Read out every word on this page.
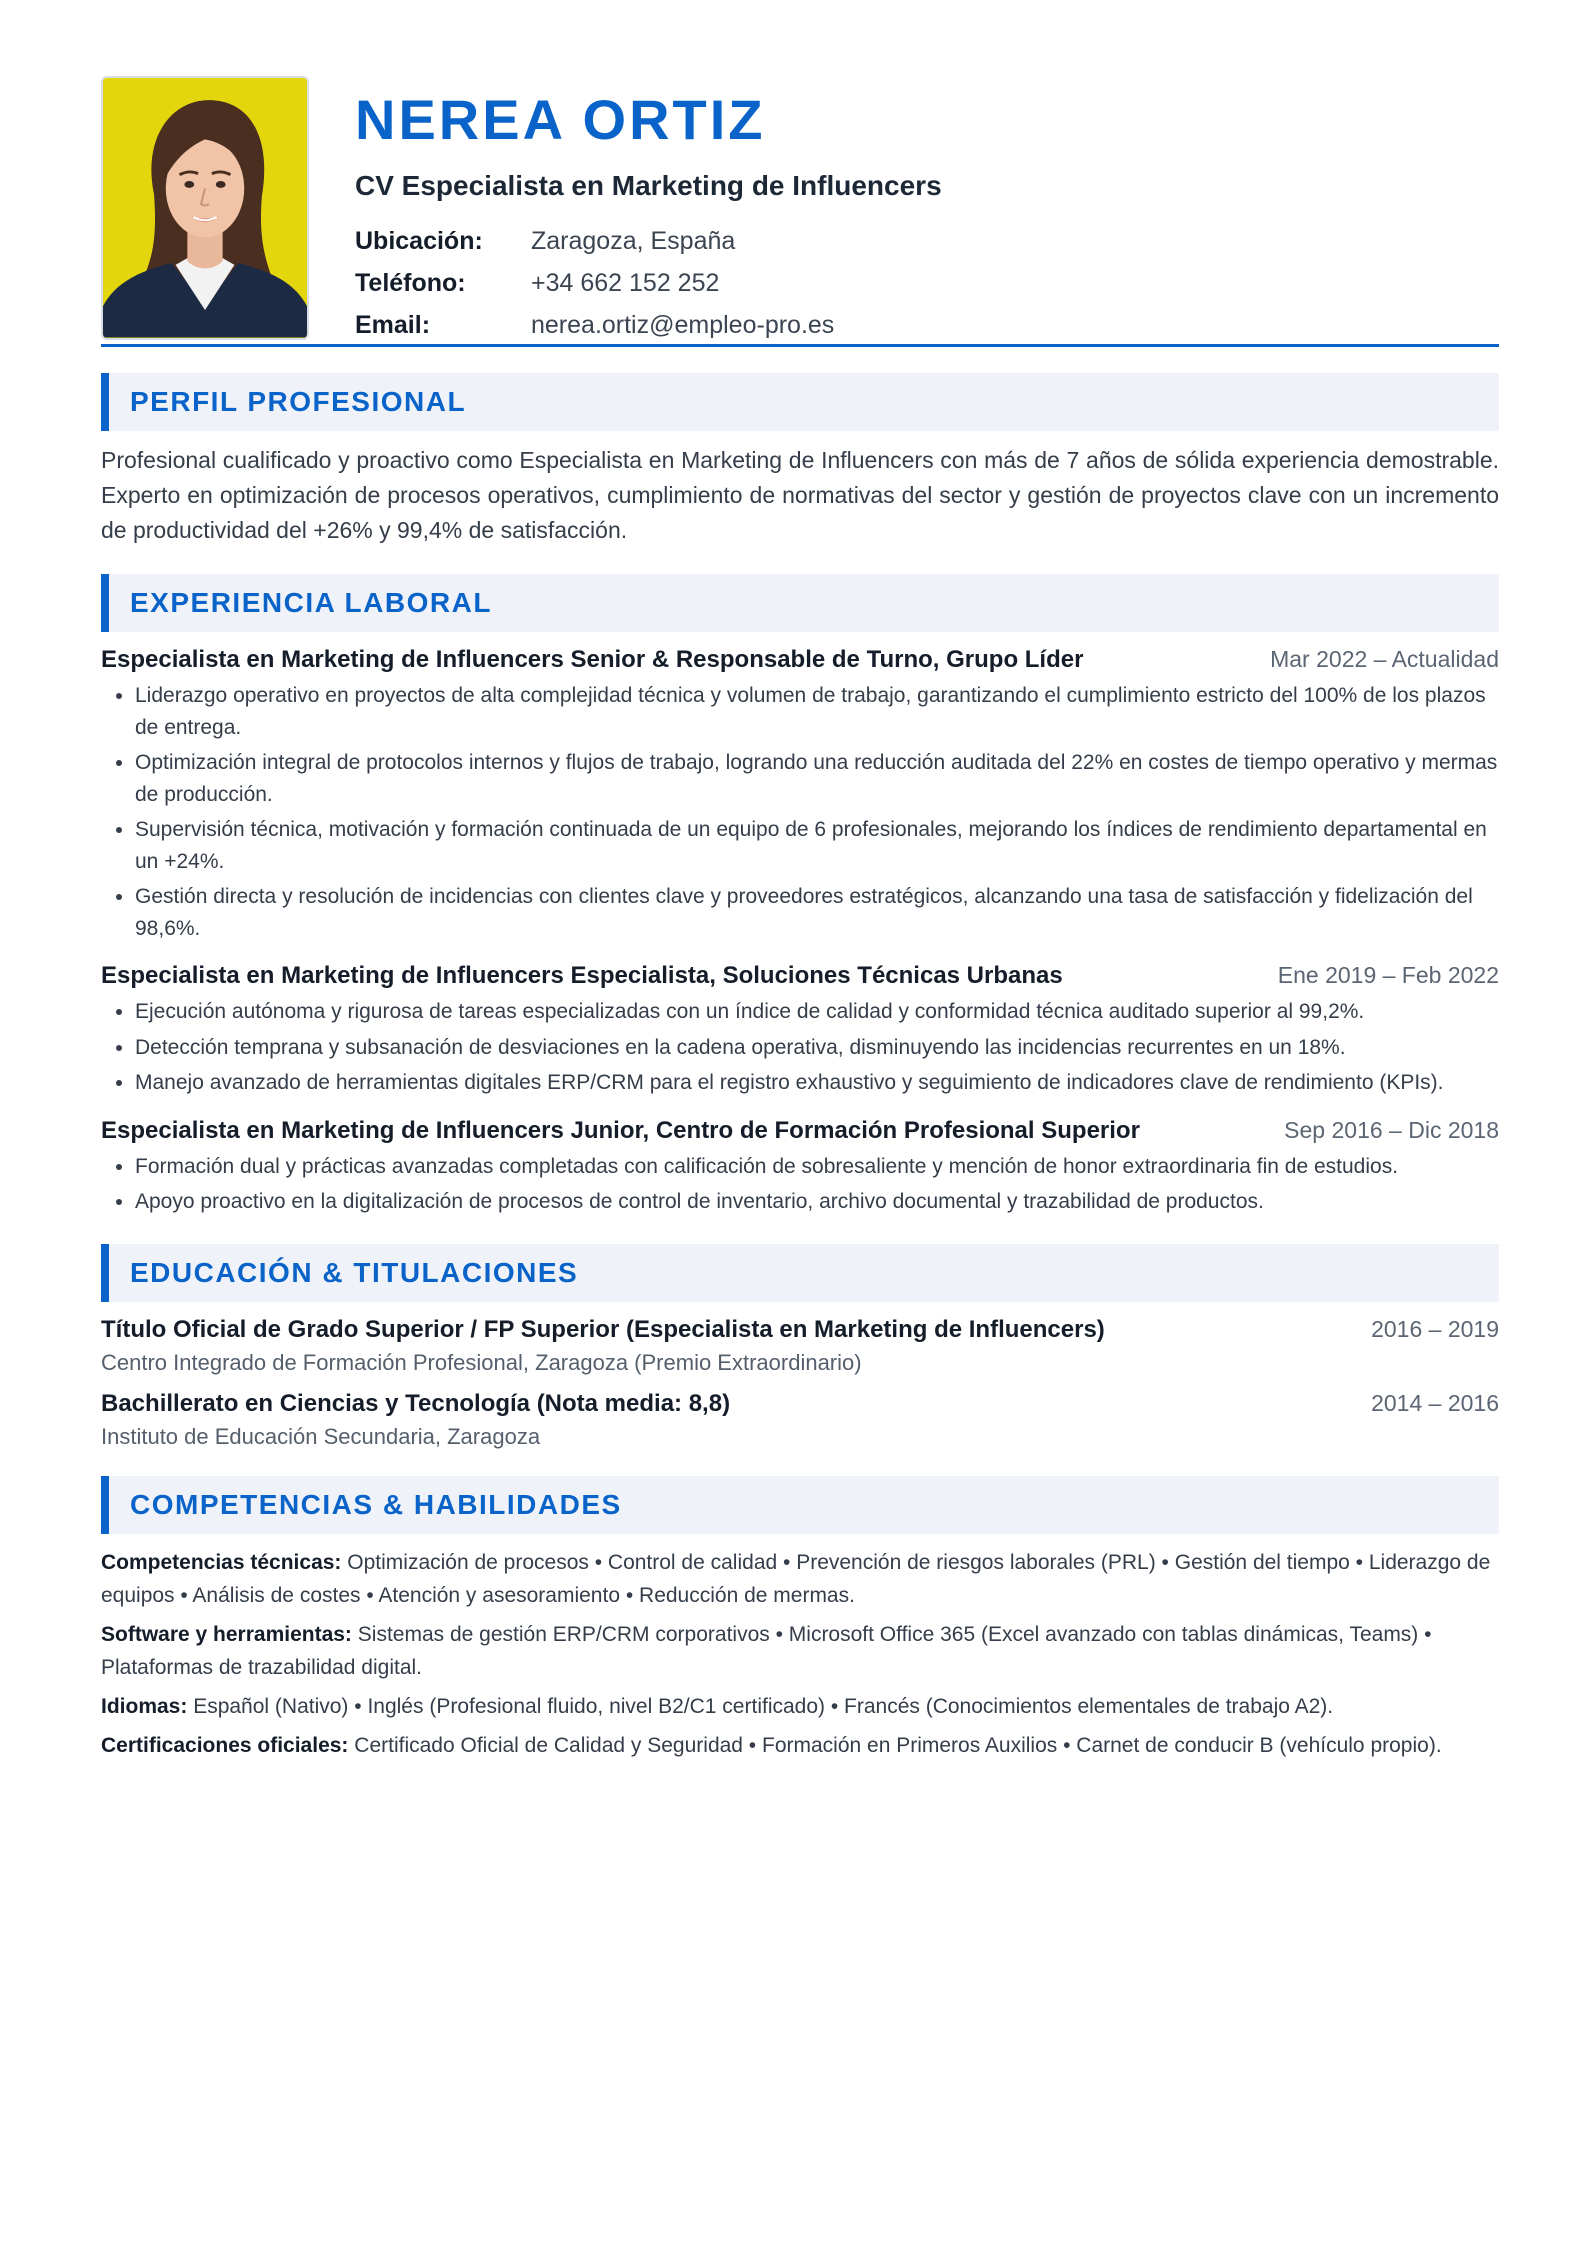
NEREA ORTIZ
CV Especialista en Marketing de Influencers
Ubicación:	Zaragoza, España
Teléfono:	+34 662 152 252
Email:	nerea.ortiz@empleo-pro.es
PERFIL PROFESIONAL
Profesional cualificado y proactivo como Especialista en Marketing de Influencers con más de 7 años de sólida experiencia demostrable. Experto en optimización de procesos operativos, cumplimiento de normativas del sector y gestión de proyectos clave con un incremento de productividad del +26% y 99,4% de satisfacción.
EXPERIENCIA LABORAL
Especialista en Marketing de Influencers Senior & Responsable de Turno, Grupo Líder	Mar 2022 – Actualidad
• Liderazgo operativo en proyectos de alta complejidad técnica y volumen de trabajo, garantizando el cumplimiento estricto del 100% de los plazos de entrega.
• Optimización integral de protocolos internos y flujos de trabajo, logrando una reducción auditada del 22% en costes de tiempo operativo y mermas de producción.
• Supervisión técnica, motivación y formación continuada de un equipo de 6 profesionales, mejorando los índices de rendimiento departamental en un +24%.
• Gestión directa y resolución de incidencias con clientes clave y proveedores estratégicos, alcanzando una tasa de satisfacción y fidelización del 98,6%.
Especialista en Marketing de Influencers Especialista, Soluciones Técnicas Urbanas	Ene 2019 – Feb 2022
• Ejecución autónoma y rigurosa de tareas especializadas con un índice de calidad y conformidad técnica auditado superior al 99,2%.
• Detección temprana y subsanación de desviaciones en la cadena operativa, disminuyendo las incidencias recurrentes en un 18%.
• Manejo avanzado de herramientas digitales ERP/CRM para el registro exhaustivo y seguimiento de indicadores clave de rendimiento (KPIs).
Especialista en Marketing de Influencers Junior, Centro de Formación Profesional Superior	Sep 2016 – Dic 2018
• Formación dual y prácticas avanzadas completadas con calificación de sobresaliente y mención de honor extraordinaria fin de estudios.
• Apoyo proactivo en la digitalización de procesos de control de inventario, archivo documental y trazabilidad de productos.
EDUCACIÓN & TITULACIONES
Título Oficial de Grado Superior / FP Superior (Especialista en Marketing de Influencers)	2016 – 2019
Centro Integrado de Formación Profesional, Zaragoza (Premio Extraordinario)
Bachillerato en Ciencias y Tecnología (Nota media: 8,8)	2014 – 2016
Instituto de Educación Secundaria, Zaragoza
COMPETENCIAS & HABILIDADES
Competencias técnicas: Optimización de procesos • Control de calidad • Prevención de riesgos laborales (PRL) • Gestión del tiempo • Liderazgo de equipos • Análisis de costes • Atención y asesoramiento • Reducción de mermas.
Software y herramientas: Sistemas de gestión ERP/CRM corporativos • Microsoft Office 365 (Excel avanzado con tablas dinámicas, Teams) • Plataformas de trazabilidad digital.
Idiomas: Español (Nativo) • Inglés (Profesional fluido, nivel B2/C1 certificado) • Francés (Conocimientos elementales de trabajo A2).
Certificaciones oficiales: Certificado Oficial de Calidad y Seguridad • Formación en Primeros Auxilios • Carnet de conducir B (vehículo propio).
